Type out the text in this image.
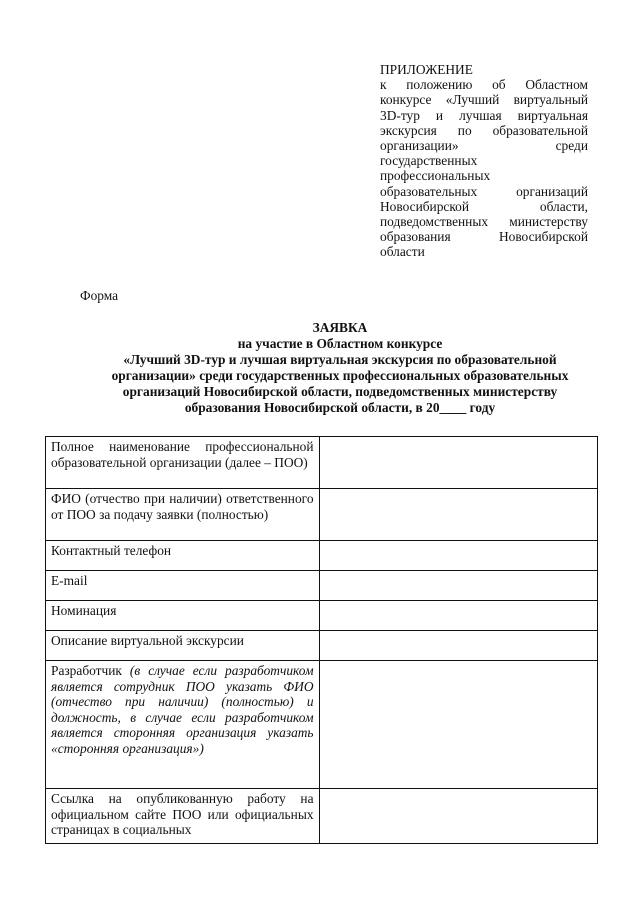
ПРИЛОЖЕНИЕ
к положению об Областном конкурсе «Лучший виртуальный 3D-тур и лучшая виртуальная экскурсия по образовательной организации» среди государственных профессиональных образовательных организаций Новосибирской области, подведомственных министерству образования Новосибирской области
Форма
ЗАЯВКА
на участие в Областном конкурсе
«Лучший 3D-тур и лучшая виртуальная экскурсия по образовательной
организации» среди государственных профессиональных образовательных
организаций Новосибирской области, подведомственных министерству
образования Новосибирской области, в 20____ году
Полное наименование профессиональной образовательной организации (далее – ПОО)	
ФИО (отчество при наличии) ответственного от ПОО за подачу заявки (полностью)	
Контактный телефон	
E-mail	
Номинация	
Описание виртуальной экскурсии	
Разработчик (в случае если разработчиком является сотрудник ПОО указать ФИО (отчество при наличии) (полностью) и должность, в случае если разработчиком является сторонняя организация указать «сторонняя организация»)	

Ссылка на опубликованную работу на официальном сайте ПОО или официальных страницах в социальных	
